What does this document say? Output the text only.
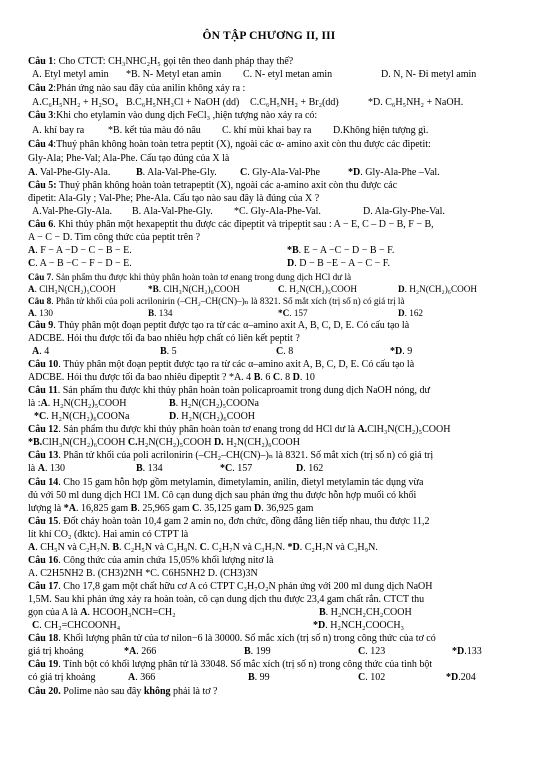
ÔN TẬP CHƯƠNG II, III
Câu 1: Cho CTCT: CH₃NHC₂H₅ gọi tên theo danh pháp thay thế?
A. Etyl metyl amin *B. N- Metyl etan amin C. N- etyl metan amin	D. N, N- Đi metyl amin
Câu 2:Phản ứng nào sau đây của anilin không xảy ra :
A.C₆H₅NH₂ + H₂SO₄ B.C₆H₅NH₃Cl + NaOH (dd) C.C₆H₅NH₂ + Br₂(dd)	*D. C₆H₅NH₂ + NaOH.
Câu 3:Khi cho etylamin vào dung dịch FeCl₃ ,hiện tượng nào xảy ra có:
A. khí bay ra *B. kết tủa màu đỏ nâu C. khí mùi khai bay ra D.Không hiện tượng gì.
Câu 4:Thuỷ phân không hoàn toàn tetra peptit (X), ngoài các α- amino axit còn thu được các đipetit:
Gly-Ala; Phe-Val; Ala-Phe. Cấu tạo đúng của X là
A. Val-Phe-Gly-Ala.	B. Ala-Val-Phe-Gly. C. Gly-Ala-Val-Phe	*D. Gly-Ala-Phe –Val.
Câu 5: Thuỷ phân không hoàn toàn tetrapeptit (X), ngoài các a-amino axit còn thu được các
đipetit: Ala-Gly ; Val-Phe; Phe-Ala. Cấu tạo nào sau đây là đúng của X ?
A.Val-Phe-Gly-Ala. B. Ala-Val-Phe-Gly. *C. Gly-Ala-Phe-Val.	D. Ala-Gly-Phe-Val.
Câu 6. Khi thủy phân một hexapeptit thu được các đipeptit và tripeptit sau : A − E, C – D − B, F − B,
A − C − D. Tìm công thức của peptit trên ?
A. F − A −D − C − B − E.	*B. E − A −C − D − B − F.
C. A − B −C − F − D − E.	D. D − B −E − A − C − F.
Câu 7. Sản phẩm thu được khi thủy phân hoàn toàn tơ enang trong dung dịch HCl dư là
A. ClH₃N(CH₂)₅COOH	*B. ClH₃N(CH₂)₆COOH	C. H₂N(CH₂)₅COOH	D. H₂N(CH₂)₆COOH
Câu 8. Phân tử khối của poli acrilonirin (–CH₂–CH(CN)–)ₙ là 8321. Số mắt xích (trị số n) có giá trị là
A. 130	B. 134	*C. 157	D. 162
Câu 9. Thủy phân một đoạn peptit được tạo ra từ các α–amino axit A, B, C, D, E. Có cấu tạo là
ADCBE. Hỏi thu được tối đa bao nhiêu hợp chất có liên kết peptit ?
A. 4	B. 5	C. 8	*D. 9
Câu 10. Thủy phân một đoạn peptit được tạo ra từ các α–amino axit A, B, C, D, E. Có cấu tạo là
ADCBE. Hỏi thu được tối đa bao nhiêu đipeptit ? *A. 4 B. 6 C. 8 D. 10
Câu 11. Sản phẩm thu được khi thủy phân hoàn toàn policaproamit trong dung dịch NaOH nóng, dư
là :A. H₂N(CH₂)₅COOH	B. H₂N(CH₂)₅COONa
*C. H₂N(CH₂)₆COONa	D. H₂N(CH₂)₆COOH
Câu 12. Sản phẩm thu được khi thủy phân hoàn toàn tơ enang trong dd HCl dư là A.ClH₃N(CH₂)₅COOH
*B.ClH₃N(CH₂)₆COOH C.H₂N(CH₂)₅COOH D. H₂N(CH₂)₆COOH
Câu 13. Phân tử khối của poli acrilonirin (–CH₂–CH(CN)–)ₙ là 8321. Số mắt xích (trị số n) có giá trị
là A. 130	B. 134	*C. 157	D. 162
Câu 14. Cho 15 gam hỗn hợp gồm metylamin, đimetylamin, anilin, đietyl metylamin tác dụng vừa
đủ với 50 ml dung dịch HCl 1M. Cô cạn dung dịch sau phản ứng thu được hỗn hợp muối có khối
lượng là *A. 16,825 gam B. 25,965 gam C. 35,125 gam D. 36,925 gam
Câu 15. Đốt cháy hoàn toàn 10,4 gam 2 amin no, đơn chức, đồng đẳng liên tiếp nhau, thu được 11,2
lít khí CO₂ (đktc). Hai amin có CTPT là
A. CH₅N và C₂H₇N. B. C₂H₅N và C₃H₉N. C. C₂H₇N và C₃H₇N. *D. C₂H₇N và C₃H₉N.
Câu 16. Công thức của amin chứa 15,05% khối lượng nitơ là
A. C2H5NH2 B. (CH3)2NH *C. C6H5NH2 D. (CH3)3N
Câu 17. Cho 17,8 gam một chất hữu cơ A có CTPT C₃H₇O₂N phản ứng với 200 ml dung dịch NaOH
1,5M. Sau khi phản ứng xảy ra hoàn toàn, cô cạn dung dịch thu được 23,4 gam chất rắn. CTCT thu
gọn của A là A. HCOOH₃NCH=CH₂	B. H₂NCH₂CH₂COOH
C. CH₂=CHCOONH₄	*D. H₂NCH₂COOCH₃
Câu 18. Khối lượng phân tử của tơ nilon−6 là 30000. Số mắc xích (trị số n) trong công thức của tơ có
giá trị khoảng	*A. 266	B. 199	C. 123	*D.133
Câu 19. Tính bột có khối lượng phân tử là 33048. Số mắc xích (trị số n) trong công thức của tinh bột
có giá trị khoảng	A. 366	B. 99	C. 102	*D.204
Câu 20. Polime nào sau đây không phải là tơ ?
